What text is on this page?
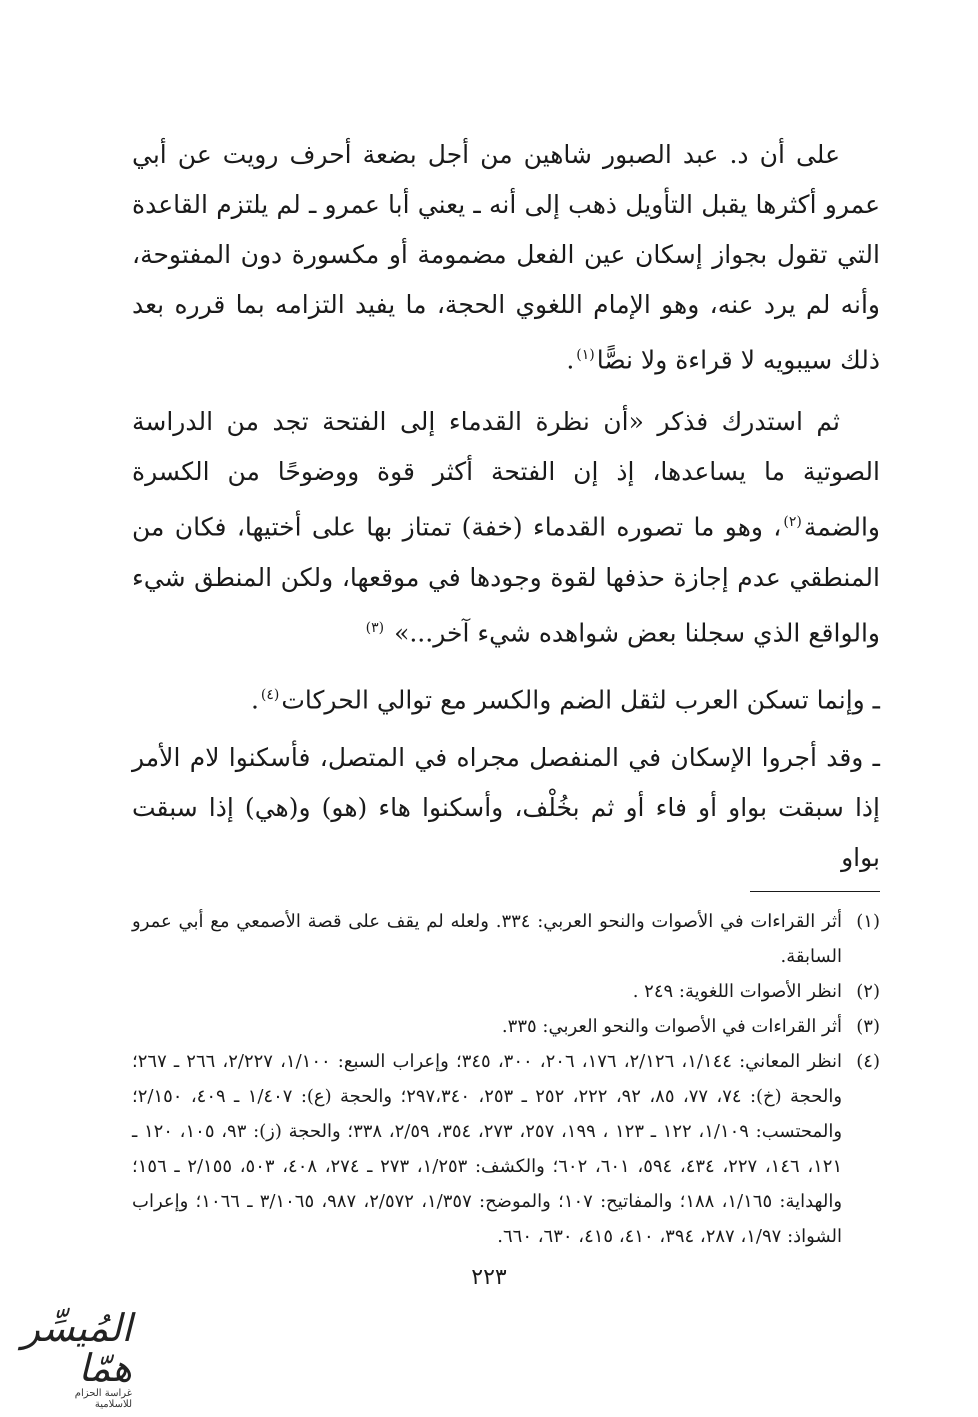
على أن د. عبد الصبور شاهين من أجل بضعة أحرف رويت عن أبي عمرو أكثرها يقبل التأويل ذهب إلى أنه ـ يعني أبا عمرو ـ لم يلتزم القاعدة التي تقول بجواز إسكان عين الفعل مضمومة أو مكسورة دون المفتوحة، وأنه لم يرد عنه، وهو الإمام اللغوي الحجة، ما يفيد التزامه بما قرره بعد ذلك سيبويه لا قراءة ولا نصًّا$^{(١)}$.

ثم استدرك فذكر «أن نظرة القدماء إلى الفتحة تجد من الدراسة الصوتية ما يساعدها، إذ إن الفتحة أكثر قوة ووضوحًا من الكسرة والضمة$^{(٢)}$، وهو ما تصوره القدماء (خفة) تمتاز بها على أختيها، فكان من المنطقي عدم إجازة حذفها لقوة وجودها في موقعها، ولكن المنطق شيء والواقع الذي سجلنا بعض شواهده شيء آخر...» $^{(٣)}$

ـ وإنما تسكن العرب لثقل الضم والكسر مع توالي الحركات$^{(٤)}$.

ـ وقد أجروا الإسكان في المنفصل مجراه في المتصل، فأسكنوا لام الأمر إذا سبقت بواو أو فاء أو ثم بخُلْف، وأسكنوا هاء (هو) و(هي) إذا سبقت بواو

(١)
أثر القراءات في الأصوات والنحو العربي: ٣٣٤. ولعله لم يقف على قصة الأصمعي مع أبي عمرو السابقة.
(٢)
انظر الأصوات اللغوية: ٢٤٩ .
(٣)
أثر القراءات في الأصوات والنحو العربي: ٣٣٥.
(٤)
انظر المعاني: ١/١٤٤، ٢/١٢٦، ١٧٦، ٢٠٦، ٣٠٠، ٣٤٥؛ وإعراب السبع: ١/١٠٠، ٢/٢٢٧، ٢٦٦ ـ ٢٦٧؛ والحجة (خ): ٧٤، ٧٧، ٨٥، ٩٢، ٢٢٢، ٢٥٢ ـ ٢٥٣، ٢٩٧،٣٤٠؛ والحجة (ع): ١/٤٠٧ ـ ٤٠٩، ٢/١٥٠؛ والمحتسب: ١/١٠٩، ١٢٢ ـ ١٢٣ ، ١٩٩، ٢٥٧، ٢٧٣، ٣٥٤، ٢/٥٩، ٣٣٨؛ والحجة (ز): ٩٣، ١٠٥، ١٢٠ ـ ١٢١، ١٤٦، ٢٢٧، ٤٣٤، ٥٩٤، ٦٠١، ٦٠٢؛ والكشف: ١/٢٥٣، ٢٧٣ ـ ٢٧٤، ٤٠٨، ٥٠٣، ٢/١٥٥ ـ ١٥٦؛ والهداية: ١/١٦٥، ١٨٨؛ والمفاتيح: ١٠٧؛ والموضح: ١/٣٥٧، ٢/٥٧٢، ٩٨٧، ٣/١٠٦٥ ـ ١٠٦٦؛ وإعراب الشواذ: ١/٩٧، ٢٨٧، ٣٩٤، ٤١٠، ٤١٥، ٦٣٠، ٦٦٠.
٢٢٣
المُيسِّر همّا
غراسة الحزام للاسلامية
